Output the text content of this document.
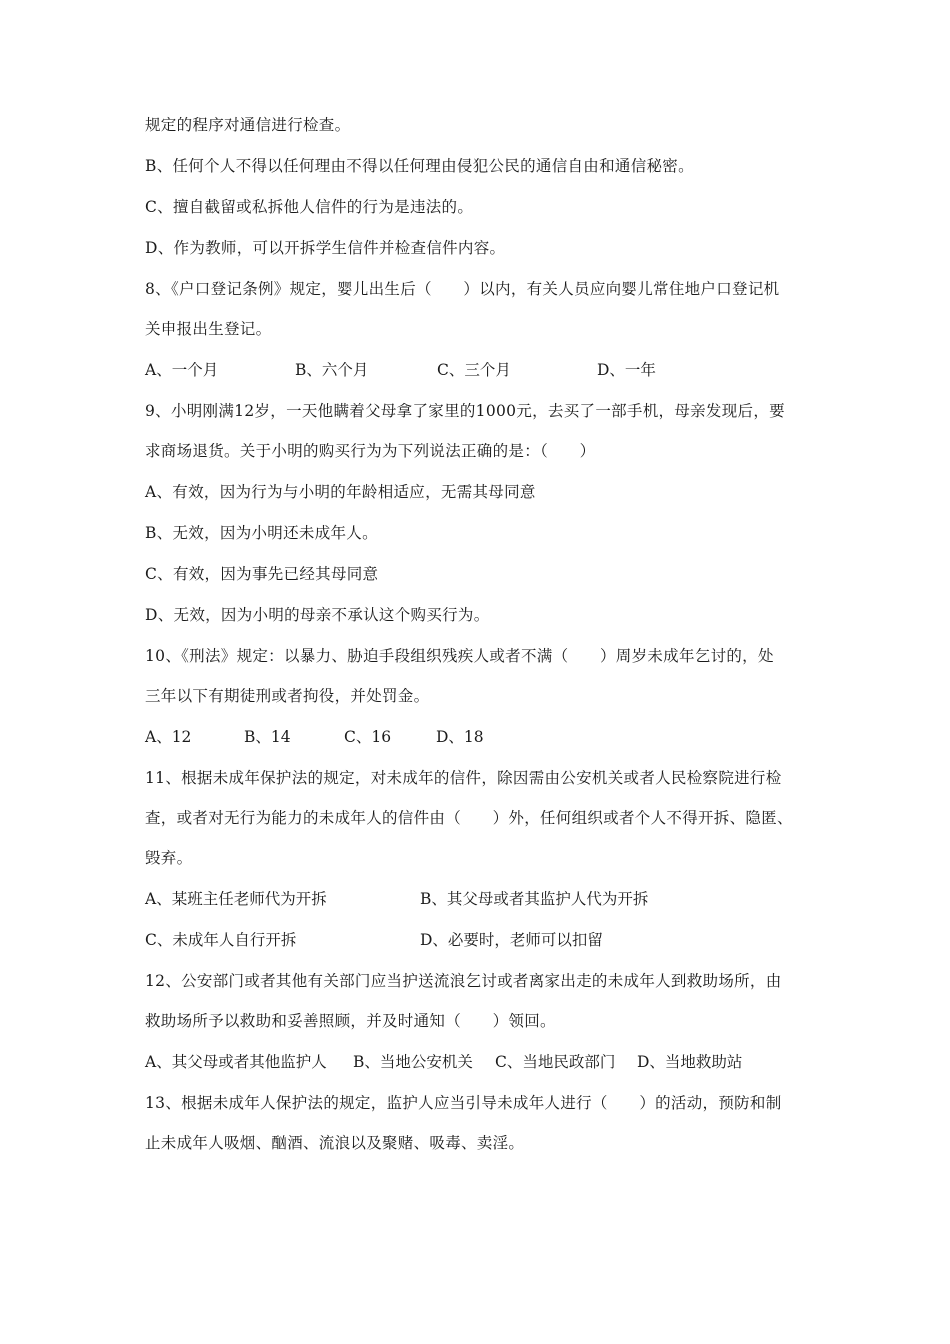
规定的程序对通信进行检查。
B、任何个人不得以任何理由不得以任何理由侵犯公民的通信自由和通信秘密。
C、擅自截留或私拆他人信件的行为是违法的。
D、作为教师，可以开拆学生信件并检查信件内容。
8、《户口登记条例》规定，婴儿出生后（　　）以内，有关人员应向婴儿常住地户口登记机
关申报出生登记。
A、一个月	B、六个月	C、三个月	D、一年
9、小明刚满12岁，一天他瞒着父母拿了家里的1000元，去买了一部手机，母亲发现后，要
求商场退货。关于小明的购买行为为下列说法正确的是：（　　）
A、有效，因为行为与小明的年龄相适应，无需其母同意
B、无效，因为小明还未成年人。
C、有效，因为事先已经其母同意
D、无效，因为小明的母亲不承认这个购买行为。
10、《刑法》规定：以暴力、胁迫手段组织残疾人或者不满（　　）周岁未成年乞讨的，处
三年以下有期徒刑或者拘役，并处罚金。
A、12	B、14	C、16	D、18
11、根据未成年保护法的规定，对未成年的信件，除因需由公安机关或者人民检察院进行检
查，或者对无行为能力的未成年人的信件由（　　）外，任何组织或者个人不得开拆、隐匿、
毁弃。
A、某班主任老师代为开拆	B、其父母或者其监护人代为开拆
C、未成年人自行开拆	D、必要时，老师可以扣留
12、公安部门或者其他有关部门应当护送流浪乞讨或者离家出走的未成年人到救助场所，由
救助场所予以救助和妥善照顾，并及时通知（　　）领回。
A、其父母或者其他监护人	B、当地公安机关	C、当地民政部门	D、当地救助站
13、根据未成年人保护法的规定，监护人应当引导未成年人进行（　　）的活动，预防和制
止未成年人吸烟、酗酒、流浪以及聚赌、吸毒、卖淫。
